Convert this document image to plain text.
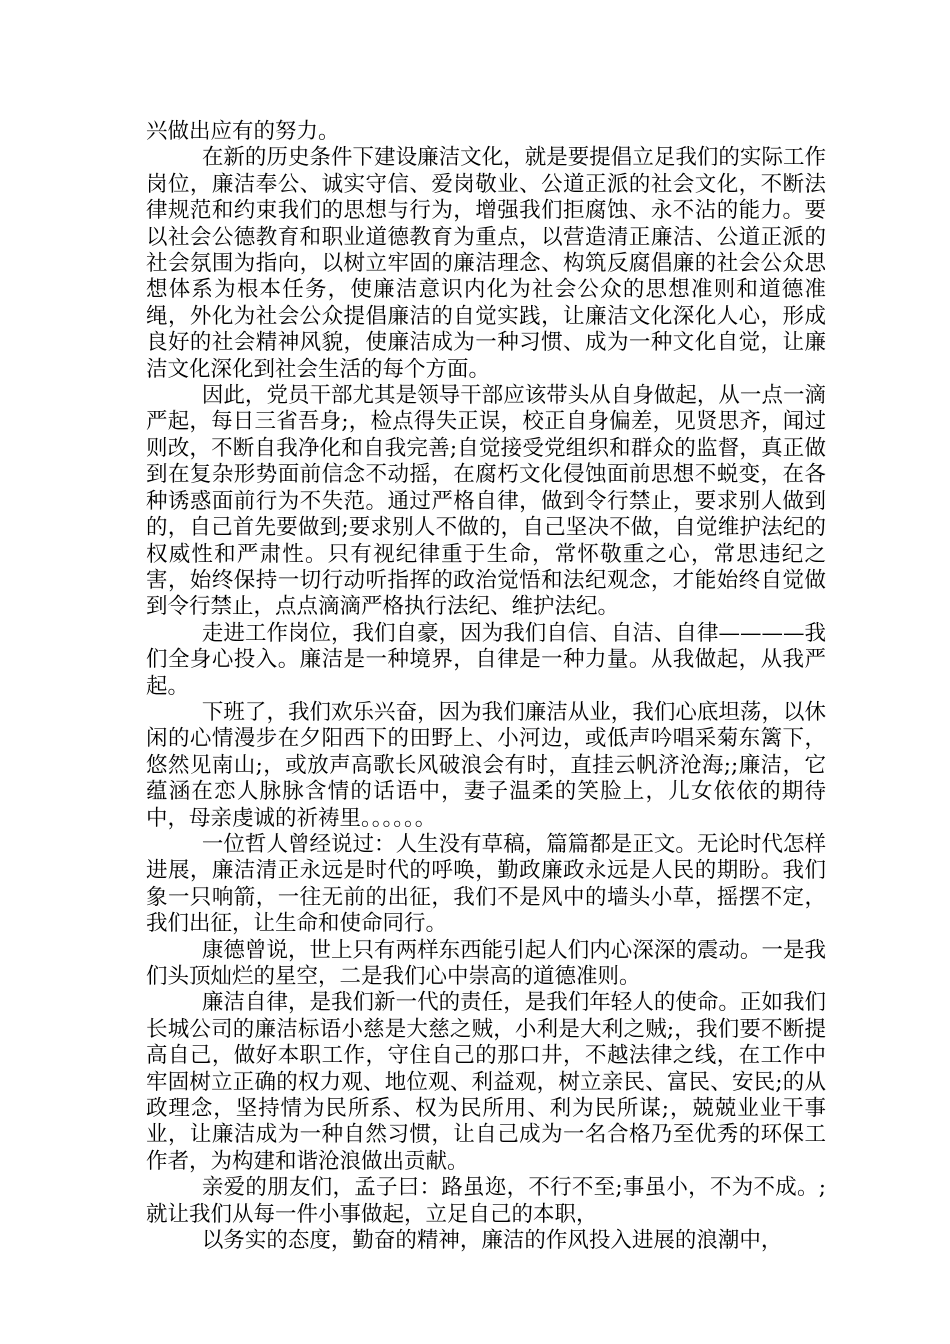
兴做出应有的努力。

在新的历史条件下建设廉洁文化，就是要提倡立足我们的实际工作岗位，廉洁奉公、诚实守信、爱岗敬业、公道正派的社会文化，不断法律规范和约束我们的思想与行为，增强我们拒腐蚀、永不沾的能力。要以社会公德教育和职业道德教育为重点，以营造清正廉洁、公道正派的社会氛围为指向，以树立牢固的廉洁理念、构筑反腐倡廉的社会公众思想体系为根本任务，使廉洁意识内化为社会公众的思想准则和道德准绳，外化为社会公众提倡廉洁的自觉实践，让廉洁文化深化人心，形成良好的社会精神风貌，使廉洁成为一种习惯、成为一种文化自觉，让廉洁文化深化到社会生活的每个方面。

因此，党员干部尤其是领导干部应该带头从自身做起，从一点一滴严起，每日三省吾身;，检点得失正误，校正自身偏差，见贤思齐，闻过则改，不断自我净化和自我完善;自觉接受党组织和群众的监督，真正做到在复杂形势面前信念不动摇，在腐朽文化侵蚀面前思想不蜕变，在各种诱惑面前行为不失范。通过严格自律，做到令行禁止，要求别人做到的，自己首先要做到;要求别人不做的，自己坚决不做，自觉维护法纪的权威性和严肃性。只有视纪律重于生命，常怀敬重之心，常思违纪之害，始终保持一切行动听指挥的政治觉悟和法纪观念，才能始终自觉做到令行禁止，点点滴滴严格执行法纪、维护法纪。

走进工作岗位，我们自豪，因为我们自信、自洁、自律————我们全身心投入。廉洁是一种境界，自律是一种力量。从我做起，从我严起。

下班了，我们欢乐兴奋，因为我们廉洁从业，我们心底坦荡，以休闲的心情漫步在夕阳西下的田野上、小河边，或低声吟唱采菊东篱下，悠然见南山;，或放声高歌长风破浪会有时，直挂云帆济沧海;;廉洁，它蕴涵在恋人脉脉含情的话语中，妻子温柔的笑脸上，儿女依依的期待中，母亲虔诚的祈祷里。。。。。。

一位哲人曾经说过：人生没有草稿，篇篇都是正文。无论时代怎样进展，廉洁清正永远是时代的呼唤，勤政廉政永远是人民的期盼。我们象一只响箭，一往无前的出征，我们不是风中的墙头小草，摇摆不定，我们出征，让生命和使命同行。

康德曾说，世上只有两样东西能引起人们内心深深的震动。一是我们头顶灿烂的星空，二是我们心中崇高的道德准则。

廉洁自律，是我们新一代的责任，是我们年轻人的使命。正如我们长城公司的廉洁标语小慈是大慈之贼，小利是大利之贼;，我们要不断提高自己，做好本职工作，守住自己的那口井，不越法律之线，在工作中牢固树立正确的权力观、地位观、利益观，树立亲民、富民、安民;的从政理念，坚持情为民所系、权为民所用、利为民所谋;，兢兢业业干事业，让廉洁成为一种自然习惯，让自己成为一名合格乃至优秀的环保工作者，为构建和谐沧浪做出贡献。

亲爱的朋友们，孟子曰：路虽迩，不行不至;事虽小，不为不成。;就让我们从每一件小事做起，立足自己的本职，

以务实的态度，勤奋的精神，廉洁的作风投入进展的浪潮中，
